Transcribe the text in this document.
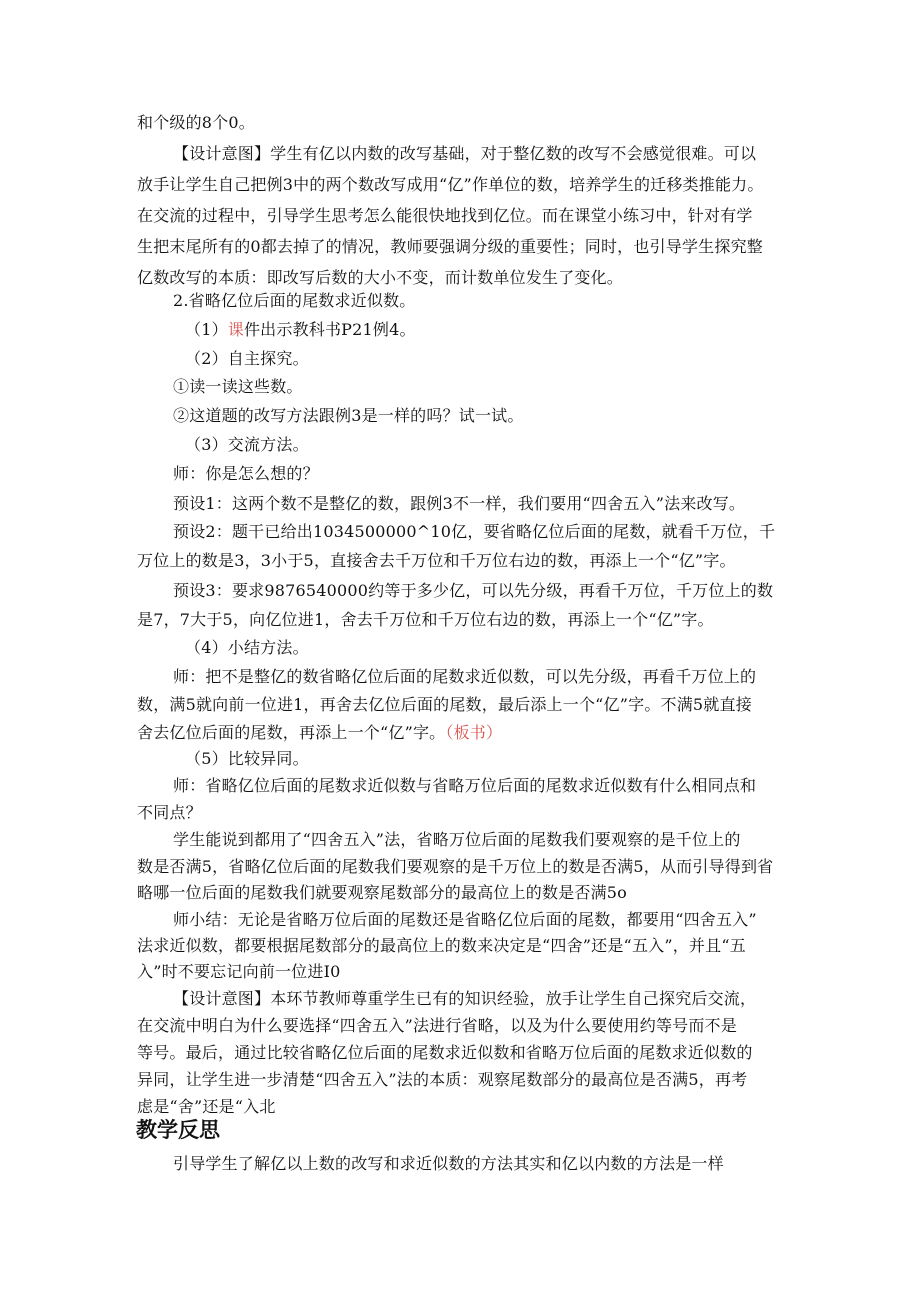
和个级的8个0。
【设计意图】学生有亿以内数的改写基础，对于整亿数的改写不会感觉很难。可以
放手让学生自己把例3中的两个数改写成用“亿”作单位的数，培养学生的迁移类推能力。
在交流的过程中，引导学生思考怎么能很快地找到亿位。而在课堂小练习中，针对有学
生把末尾所有的0都去掉了的情况，教师要强调分级的重要性；同时，也引导学生探究整
亿数改写的本质：即改写后数的大小不变，而计数单位发生了变化。
2.省略亿位后面的尾数求近似数。
（1）课件出示教科书P21例4。
（2）自主探究。
①读一读这些数。
②这道题的改写方法跟例3是一样的吗？试一试。
（3）交流方法。
师：你是怎么想的？
预设1：这两个数不是整亿的数，跟例3不一样，我们要用“四舍五入”法来改写。
预设2：题干已给出1034500000^10亿，要省略亿位后面的尾数，就看千万位，千
万位上的数是3，3小于5，直接舍去千万位和千万位右边的数，再添上一个“亿”字。
预设3：要求9876540000约等于多少亿，可以先分级，再看千万位，千万位上的数
是7，7大于5，向亿位进1，舍去千万位和千万位右边的数，再添上一个“亿”字。
（4）小结方法。
师：把不是整亿的数省略亿位后面的尾数求近似数，可以先分级，再看千万位上的
数，满5就向前一位进1，再舍去亿位后面的尾数，最后添上一个“亿”字。不满5就直接
舍去亿位后面的尾数，再添上一个“亿”字。（板书）
（5）比较异同。
师：省略亿位后面的尾数求近似数与省略万位后面的尾数求近似数有什么相同点和
不同点？
学生能说到都用了“四舍五入”法，省略万位后面的尾数我们要观察的是千位上的
数是否满5，省略亿位后面的尾数我们要观察的是千万位上的数是否满5，从而引导得到省
略哪一位后面的尾数我们就要观察尾数部分的最高位上的数是否满5o
师小结：无论是省略万位后面的尾数还是省略亿位后面的尾数，都要用“四舍五入”
法求近似数，都要根据尾数部分的最高位上的数来决定是“四舍”还是“五入”，并且“五
入”时不要忘记向前一位进I0
【设计意图】本环节教师尊重学生已有的知识经验，放手让学生自己探究后交流，
在交流中明白为什么要选择“四舍五入”法进行省略，以及为什么要使用约等号而不是
等号。最后，通过比较省略亿位后面的尾数求近似数和省略万位后面的尾数求近似数的
异同，让学生进一步清楚“四舍五入”法的本质：观察尾数部分的最高位是否满5，再考
虑是“舍”还是“入北
教学反思
引导学生了解亿以上数的改写和求近似数的方法其实和亿以内数的方法是一样
